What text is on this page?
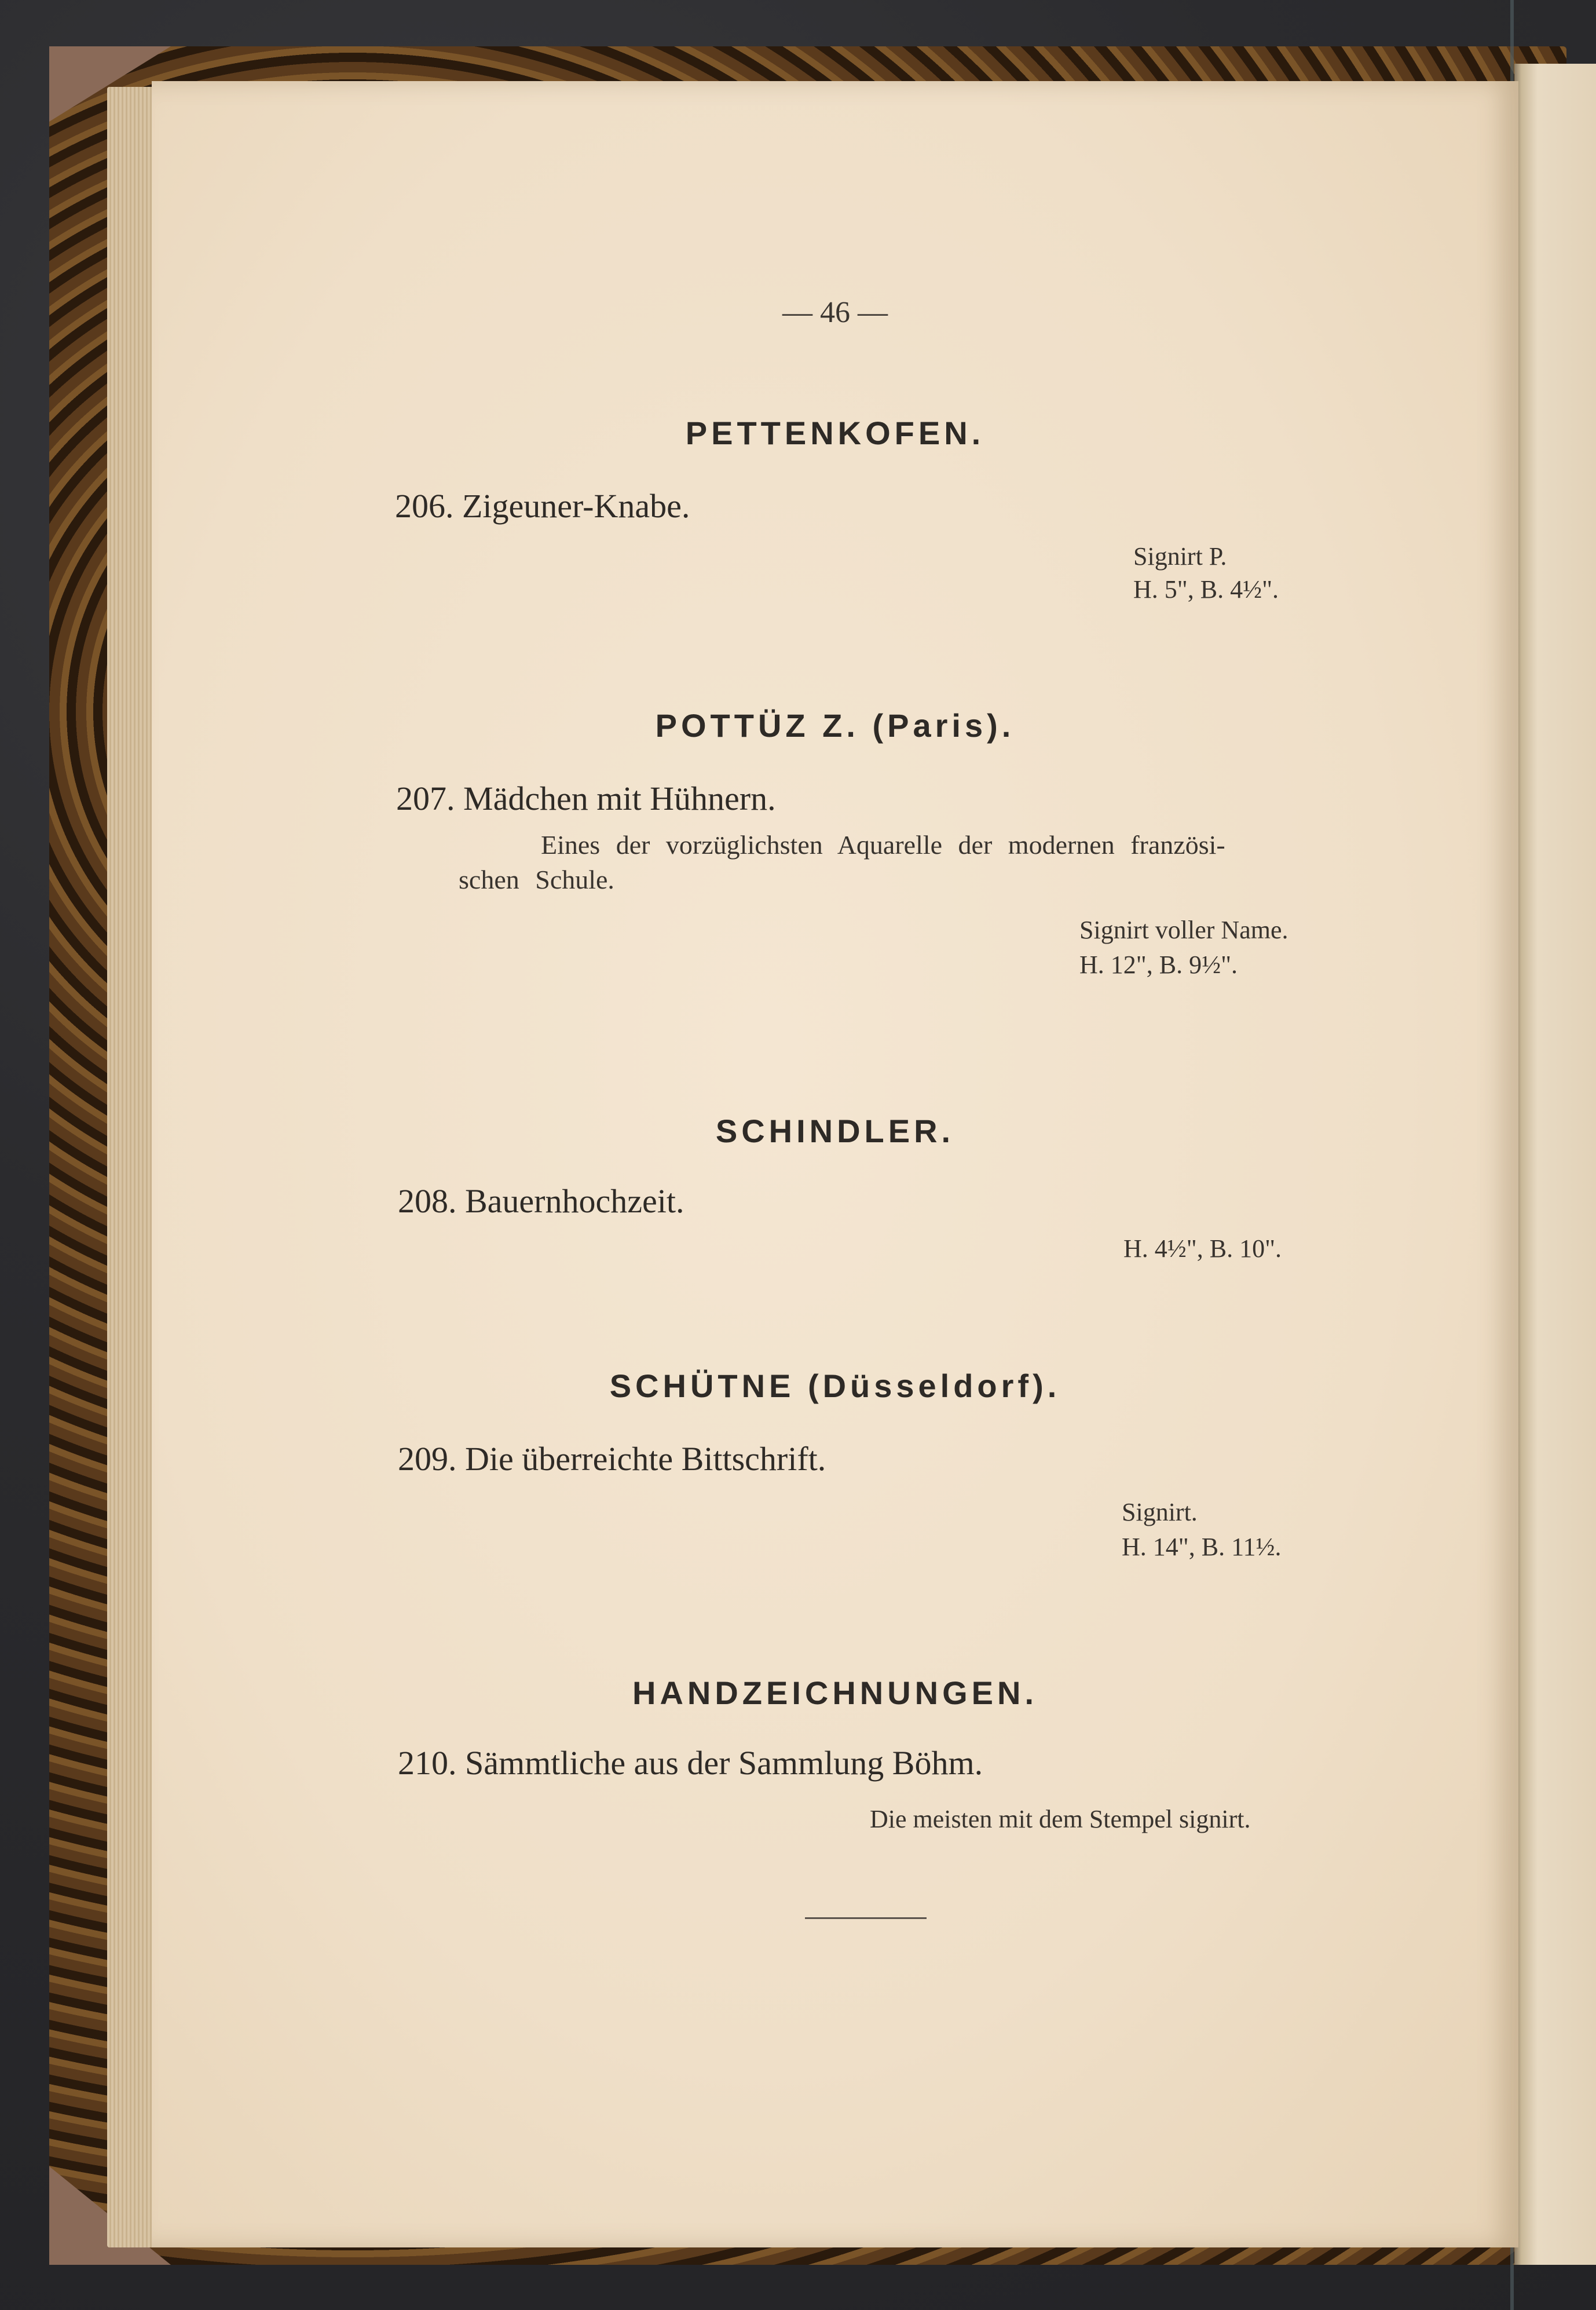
— 46 —
PETTENKOFEN.
206. Zigeuner-Knabe.
Signirt P.
H. 5", B. 4½".
POTTÜZ Z. (Paris).
207. Mädchen mit Hühnern.
Eines der vorzüglichsten Aquarelle der modernen französi-
schen Schule.
Signirt voller Name.
H. 12", B. 9½".
SCHINDLER.
208. Bauernhochzeit.
H. 4½", B. 10".
SCHÜTNE (Düsseldorf).
209. Die überreichte Bittschrift.
Signirt.
H. 14", B. 11½.
HANDZEICHNUNGEN.
210. Sämmtliche aus der Sammlung Böhm.
Die meisten mit dem Stempel signirt.
